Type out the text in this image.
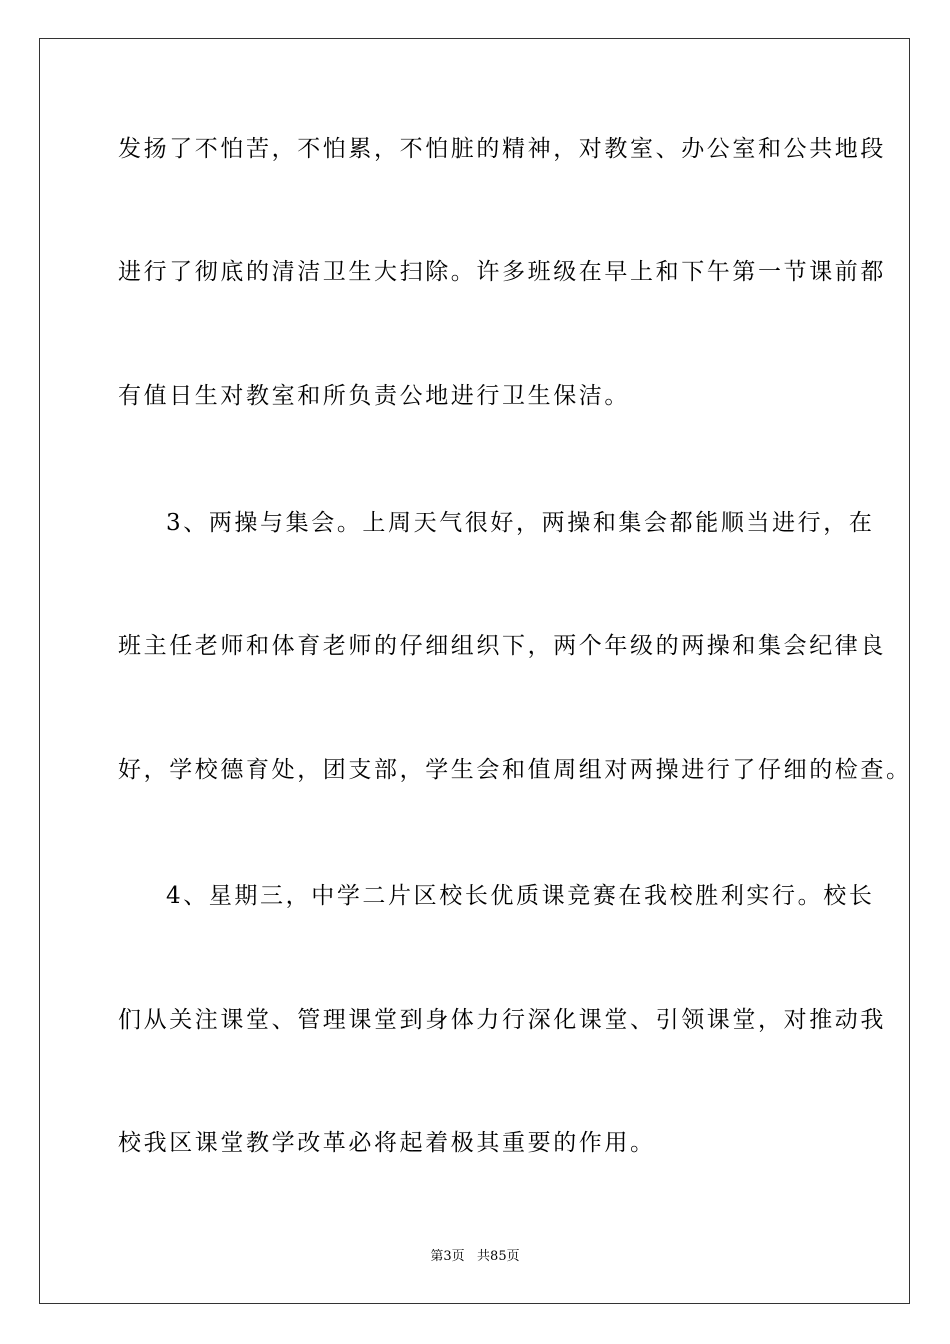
发扬了不怕苦，不怕累，不怕脏的精神，对教室、办公室和公共地段
进行了彻底的清洁卫生大扫除。许多班级在早上和下午第一节课前都
有值日生对教室和所负责公地进行卫生保洁。
3、两操与集会。上周天气很好，两操和集会都能顺当进行，在
班主任老师和体育老师的仔细组织下，两个年级的两操和集会纪律良
好，学校德育处，团支部，学生会和值周组对两操进行了仔细的检查。
4、星期三，中学二片区校长优质课竞赛在我校胜利实行。校长
们从关注课堂、管理课堂到身体力行深化课堂、引领课堂，对推动我
校我区课堂教学改革必将起着极其重要的作用。
第3页   共85页
